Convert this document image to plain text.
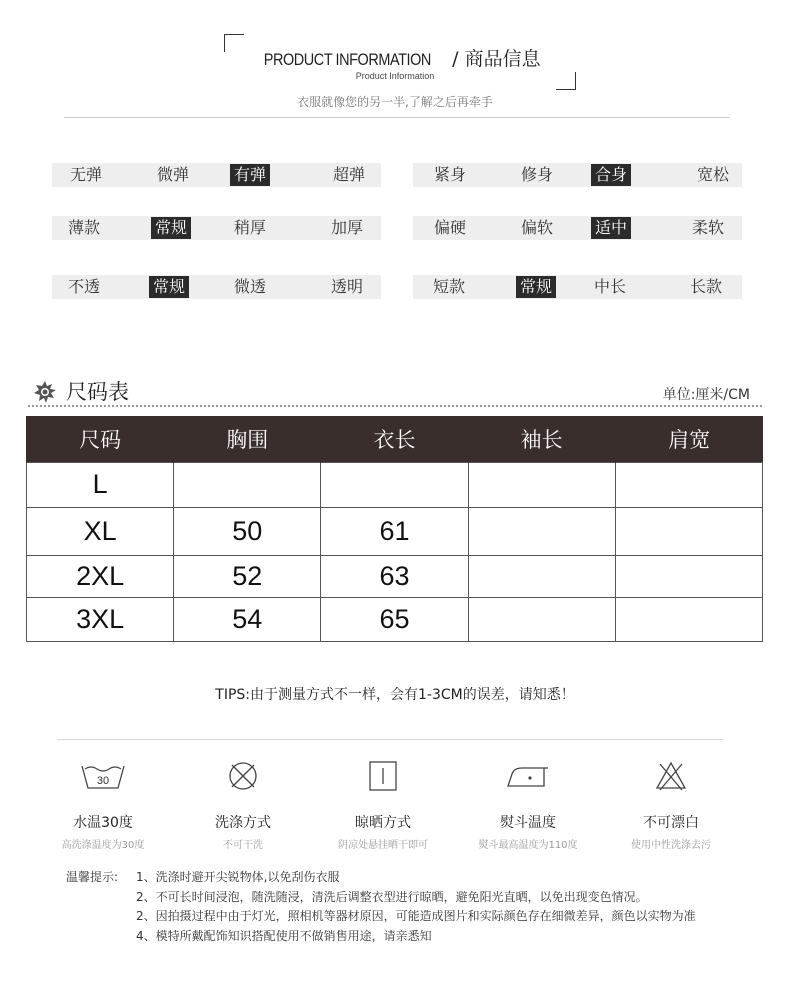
PRODUCT INFORMATION / 商品信息
Product Information
衣服就像您的另一半,了解之后再牵手
无弹	微弹	有弹	超弹	紧身	修身	合身	宽松
薄款	常规	稍厚	加厚	偏硬	偏软	适中	柔软
不透	常规	微透	透明	短款	常规	中长	长款
尺码表	单位:厘米/CM
尺码	胸围	衣长	袖长	肩宽
L				
XL	50	61		
2XL	52	63		
3XL	54	65		
TIPS:由于测量方式不一样，会有1-3CM的误差，请知悉！
30
水温30度
高洗涤温度为30度
洗涤方式
不可干洗
晾晒方式
阴凉处悬挂晒干即可
熨斗温度
熨斗最高温度为110度
不可漂白
使用中性洗涤去污
温馨提示: 1、洗涤时避开尖锐物体,以免刮伤衣服
2、不可长时间浸泡，随洗随浸，清洗后调整衣型进行晾晒，避免阳光直晒，以免出现变色情况。
2、因拍摄过程中由于灯光，照相机等器材原因，可能造成图片和实际颜色存在细微差异，颜色以实物为准
4、模特所戴配饰知识搭配使用不做销售用途，请亲悉知
